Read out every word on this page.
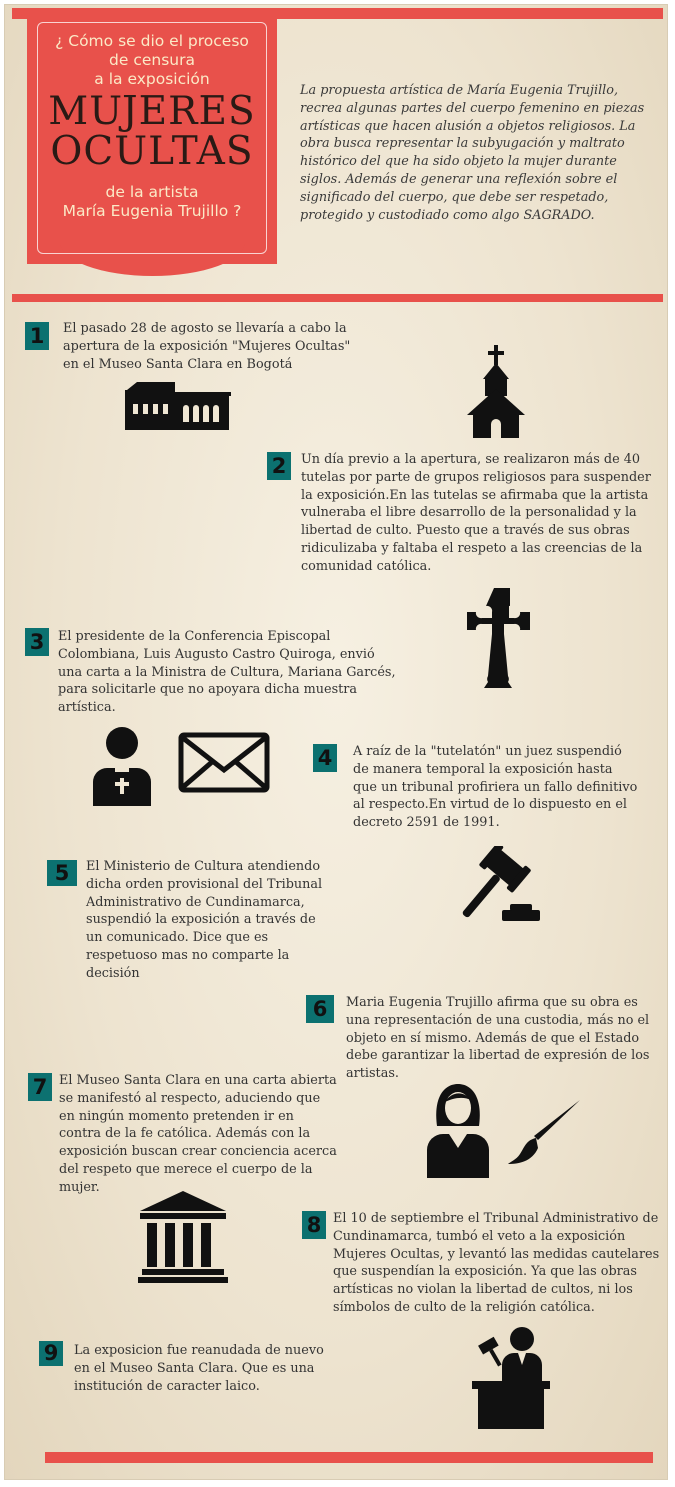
¿ Cómo se dio el proceso
de censura
a la exposición
MUJERES
OCULTAS
de la artista
María Eugenia Trujillo ?
La propuesta artística de María Eugenia Trujillo, recrea algunas partes del cuerpo femenino en piezas artísticas que hacen alusión a objetos religiosos. La obra busca representar la subyugación y maltrato histórico del que ha sido objeto la mujer durante siglos. Además de generar una reflexión sobre el significado del cuerpo, que debe ser respetado, protegido y custodiado como algo SAGRADO.
1	El pasado 28 de agosto se llevaría a cabo la apertura de la exposición "Mujeres Ocultas" en el Museo Santa Clara en Bogotá
2	Un día previo a la apertura, se realizaron más de 40 tutelas por parte de grupos religiosos para suspender la exposición.En las tutelas se afirmaba que la artista vulneraba el libre desarrollo de la personalidad y la libertad de culto. Puesto que a través de sus obras ridiculizaba y faltaba el respeto a las creencias de la comunidad católica.
3	El presidente de la Conferencia Episcopal Colombiana, Luis Augusto Castro Quiroga, envió una carta a la Ministra de Cultura, Mariana Garcés, para solicitarle que no apoyara dicha muestra artística.
4	A raíz de la "tutelatón" un juez suspendió de manera temporal la exposición hasta que un tribunal profiriera un fallo definitivo al respecto.En virtud de lo dispuesto en el decreto 2591 de 1991.
5	El Ministerio de Cultura atendiendo dicha orden provisional del Tribunal Administrativo de Cundinamarca, suspendió la exposición a través de un comunicado. Dice que es respetuoso mas no comparte la decisión
6	Maria Eugenia Trujillo afirma que su obra es una representación de una custodia, más no el objeto en sí mismo. Además de que el Estado debe garantizar la libertad de expresión de los artistas.
7 El Museo Santa Clara en una carta abierta se manifestó al respecto, aduciendo que en ningún momento pretenden ir en contra de la fe católica. Además con la exposición buscan crear conciencia acerca del respeto que merece el cuerpo de la mujer.
8 El 10 de septiembre el Tribunal Administrativo de Cundinamarca, tumbó el veto a la exposición Mujeres Ocultas, y levantó las medidas cautelares que suspendían la exposición. Ya que las obras artísticas no violan la libertad de cultos, ni los símbolos de culto de la religión católica.
9	La exposicion fue reanudada de nuevo en el Museo Santa Clara. Que es una institución de caracter laico.
